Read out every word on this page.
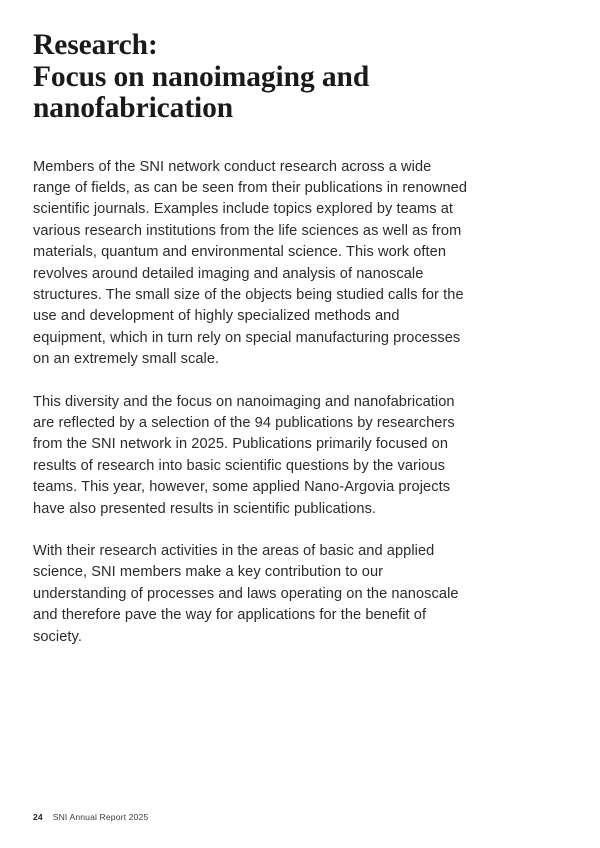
Research:
Focus on nanoimaging and
nanofabrication

Members of the SNI network conduct research across a wide range of fields, as can be seen from their publications in renowned scientific journals. Examples include topics explored by teams at various research institutions from the life sciences as well as from materials, quantum and environmental science. This work often revolves around detailed imaging and analysis of nanoscale structures. The small size of the objects being studied calls for the use and development of highly specialized methods and equipment, which in turn rely on special manufacturing processes on an extremely small scale.

This diversity and the focus on nanoimaging and nanofabrication are reflected by a selection of the 94 publications by researchers from the SNI network in 2025. Publications primarily focused on results of research into basic scientific questions by the various teams. This year, however, some applied Nano-Argovia projects have also presented results in scientific publications.

With their research activities in the areas of basic and applied science, SNI members make a key contribution to our understanding of processes and laws operating on the nanoscale and therefore pave the way for applications for the benefit of society.

24 SNI Annual Report 2025
